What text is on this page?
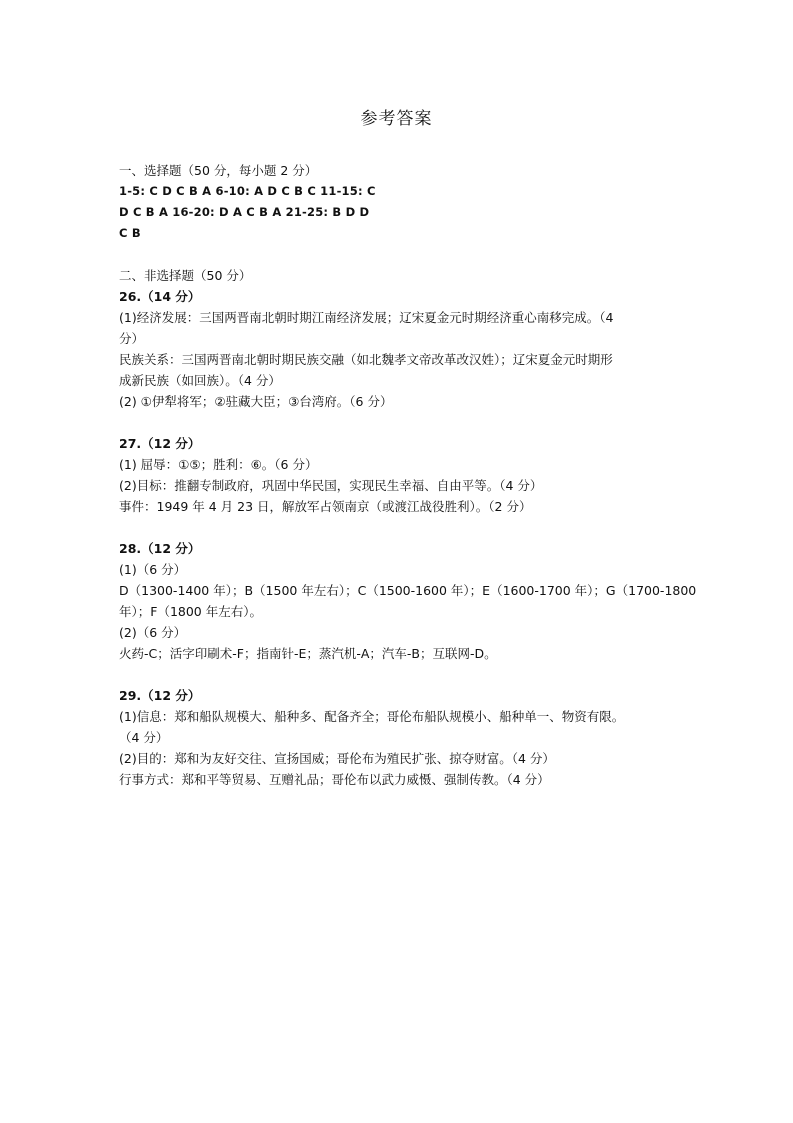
参考答案
一、选择题（50 分，每小题 2 分）
1-5: C D C B A 6-10: A D C B C 11-15: C
D C B A 16-20: D A C B A 21-25: B D D
C B
二、非选择题（50 分）
26.（14 分）
(1)经济发展：三国两晋南北朝时期江南经济发展；辽宋夏金元时期经济重心南移完成。（4
分）
民族关系：三国两晋南北朝时期民族交融（如北魏孝文帝改革改汉姓）；辽宋夏金元时期形
成新民族（如回族）。（4 分）
(2) ①伊犁将军；②驻藏大臣；③台湾府。（6 分）
27.（12 分）
(1) 屈辱：①⑤；胜利：⑥。（6 分）
(2)目标：推翻专制政府，巩固中华民国，实现民生幸福、自由平等。（4 分）
事件：1949 年 4 月 23 日，解放军占领南京（或渡江战役胜利）。（2 分）
28.（12 分）
(1)（6 分）
D（1300-1400 年）；B（1500 年左右）；C（1500-1600 年）；E（1600-1700 年）；G（1700-1800
年）；F（1800 年左右）。
(2)（6 分）
火药-C；活字印刷术-F；指南针-E；蒸汽机-A；汽车-B；互联网-D。
29.（12 分）
(1)信息：郑和船队规模大、船种多、配备齐全；哥伦布船队规模小、船种单一、物资有限。
（4 分）
(2)目的：郑和为友好交往、宣扬国威；哥伦布为殖民扩张、掠夺财富。（4 分）
行事方式：郑和平等贸易、互赠礼品；哥伦布以武力威慑、强制传教。（4 分）
